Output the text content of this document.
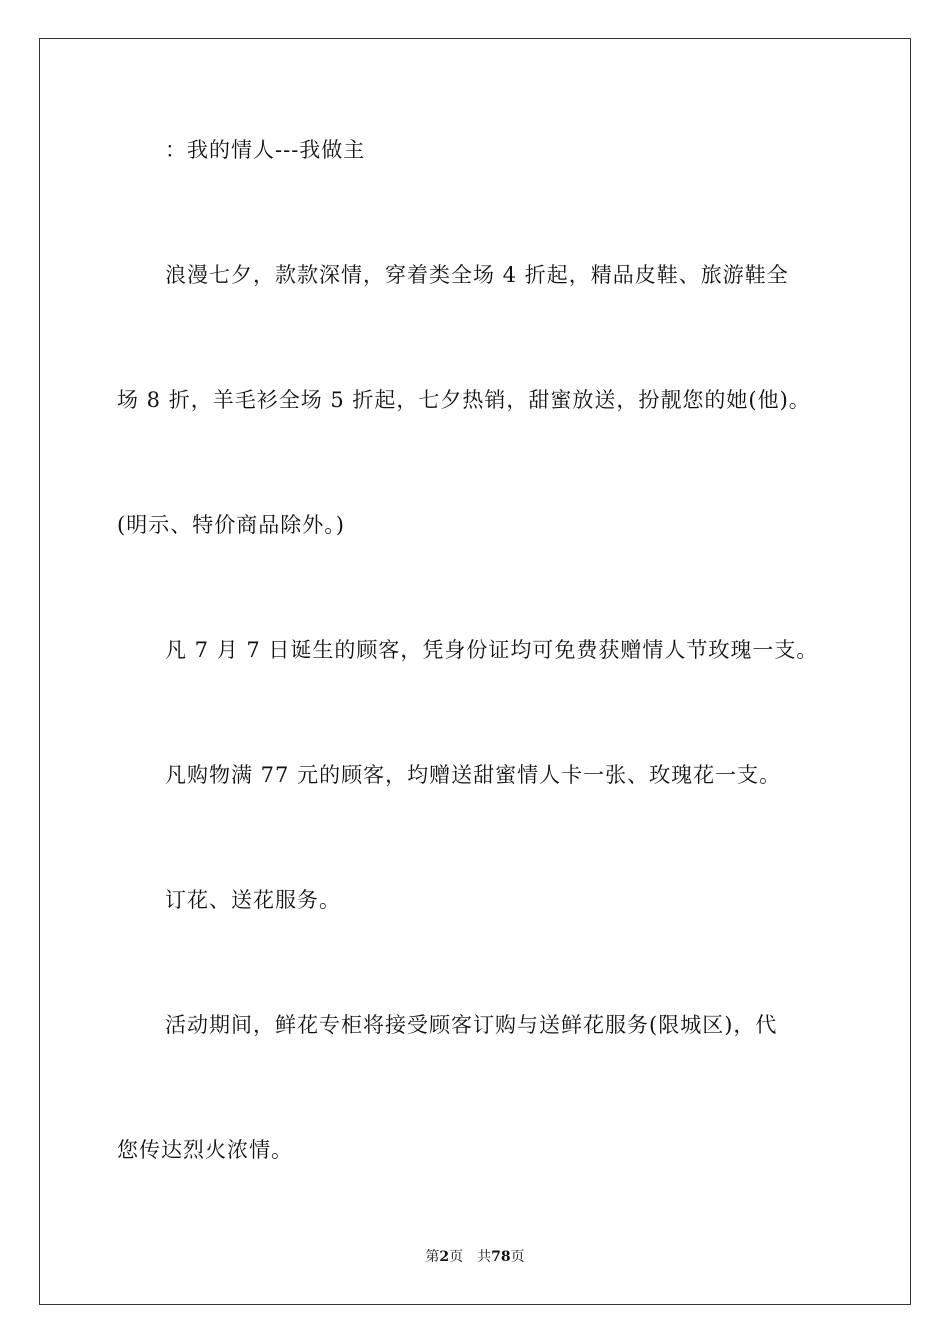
：我的情人---我做主
浪漫七夕，款款深情，穿着类全场 4 折起，精品皮鞋、旅游鞋全
场 8 折，羊毛衫全场 5 折起，七夕热销，甜蜜放送，扮靓您的她(他)。
(明示、特价商品除外。)
凡 7 月 7 日诞生的顾客，凭身份证均可免费获赠情人节玫瑰一支。
凡购物满 77 元的顾客，均赠送甜蜜情人卡一张、玫瑰花一支。
订花、送花服务。
活动期间，鲜花专柜将接受顾客订购与送鲜花服务(限城区)，代
您传达烈火浓情。
第2页 共78页
